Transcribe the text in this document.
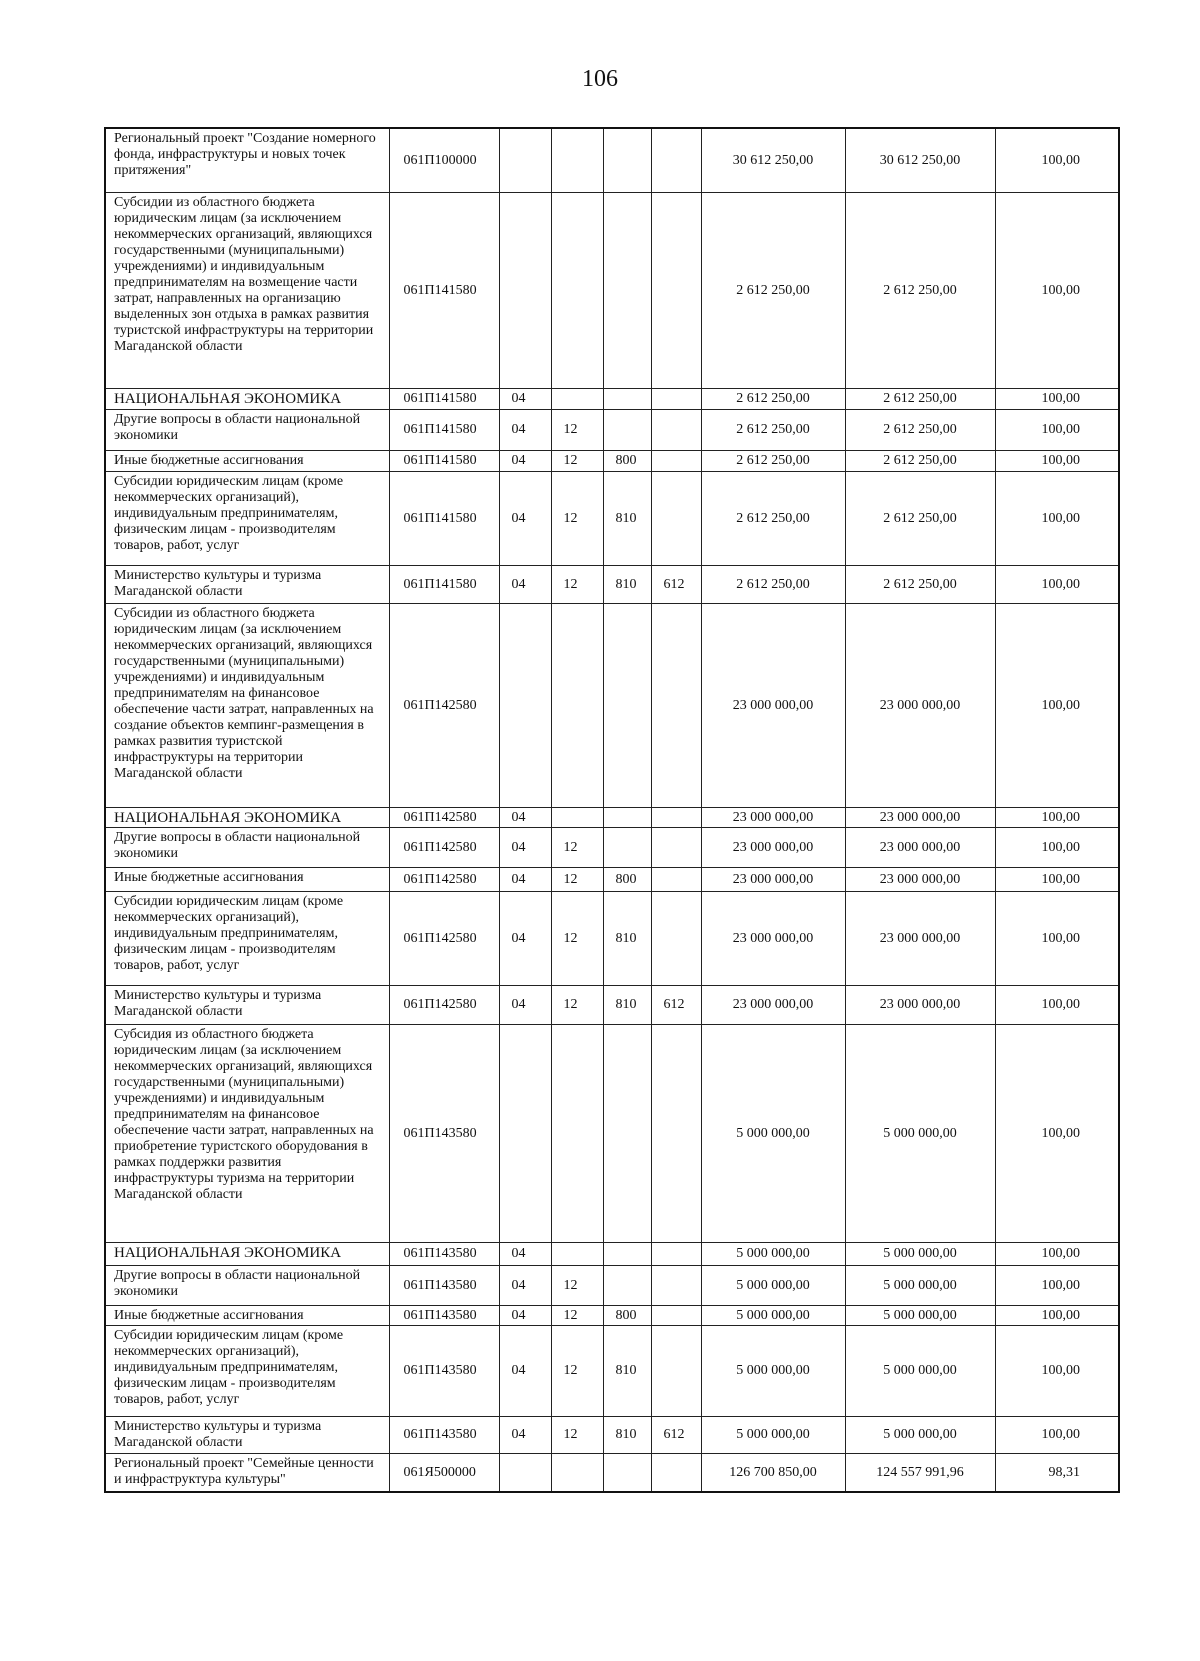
106
Региональный проект "Создание номерного фонда, инфраструктуры и новых точек притяжения"	061П100000					30 612 250,00	30 612 250,00	100,00
Субсидии из областного бюджета юридическим лицам (за исключением некоммерческих организаций, являющихся государственными (муниципальными) учреждениями) и индивидуальным предпринимателям на возмещение части затрат, направленных на организацию выделенных зон отдыха в рамках развития туристской инфраструктуры на территории Магаданской области	061П141580					2 612 250,00	2 612 250,00	100,00
НАЦИОНАЛЬНАЯ ЭКОНОМИКА	061П141580	04				2 612 250,00	2 612 250,00	100,00
Другие вопросы в области национальной экономики	061П141580	04	12			2 612 250,00	2 612 250,00	100,00
Иные бюджетные ассигнования	061П141580	04	12	800		2 612 250,00	2 612 250,00	100,00
Субсидии юридическим лицам (кроме некоммерческих организаций), индивидуальным предпринимателям, физическим лицам - производителям товаров, работ, услуг	061П141580	04	12	810		2 612 250,00	2 612 250,00	100,00
Министерство культуры и туризма Магаданской области	061П141580	04	12	810	612	2 612 250,00	2 612 250,00	100,00
Субсидии из областного бюджета юридическим лицам (за исключением некоммерческих организаций, являющихся государственными (муниципальными) учреждениями) и индивидуальным предпринимателям на финансовое обеспечение части затрат, направленных на создание объектов кемпинг-размещения в рамках развития туристской инфраструктуры на территории Магаданской области	061П142580					23 000 000,00	23 000 000,00	100,00
НАЦИОНАЛЬНАЯ ЭКОНОМИКА	061П142580	04				23 000 000,00	23 000 000,00	100,00
Другие вопросы в области национальной экономики	061П142580	04	12			23 000 000,00	23 000 000,00	100,00
Иные бюджетные ассигнования	061П142580	04	12	800		23 000 000,00	23 000 000,00	100,00
Субсидии юридическим лицам (кроме некоммерческих организаций), индивидуальным предпринимателям, физическим лицам - производителям товаров, работ, услуг	061П142580	04	12	810		23 000 000,00	23 000 000,00	100,00
Министерство культуры и туризма Магаданской области	061П142580	04	12	810	612	23 000 000,00	23 000 000,00	100,00
Субсидия из областного бюджета юридическим лицам (за исключением некоммерческих организаций, являющихся государственными (муниципальными) учреждениями) и индивидуальным предпринимателям на финансовое обеспечение части затрат, направленных на приобретение туристского оборудования в рамках поддержки развития инфраструктуры туризма на территории Магаданской области	061П143580					5 000 000,00	5 000 000,00	100,00
НАЦИОНАЛЬНАЯ ЭКОНОМИКА	061П143580	04				5 000 000,00	5 000 000,00	100,00
Другие вопросы в области национальной экономики	061П143580	04	12			5 000 000,00	5 000 000,00	100,00
Иные бюджетные ассигнования	061П143580	04	12	800		5 000 000,00	5 000 000,00	100,00
Субсидии юридическим лицам (кроме некоммерческих организаций), индивидуальным предпринимателям, физическим лицам - производителям товаров, работ, услуг	061П143580	04	12	810		5 000 000,00	5 000 000,00	100,00
Министерство культуры и туризма Магаданской области	061П143580	04	12	810	612	5 000 000,00	5 000 000,00	100,00
Региональный проект "Семейные ценности и инфраструктура культуры"	061Я500000					126 700 850,00	124 557 991,96	98,31
